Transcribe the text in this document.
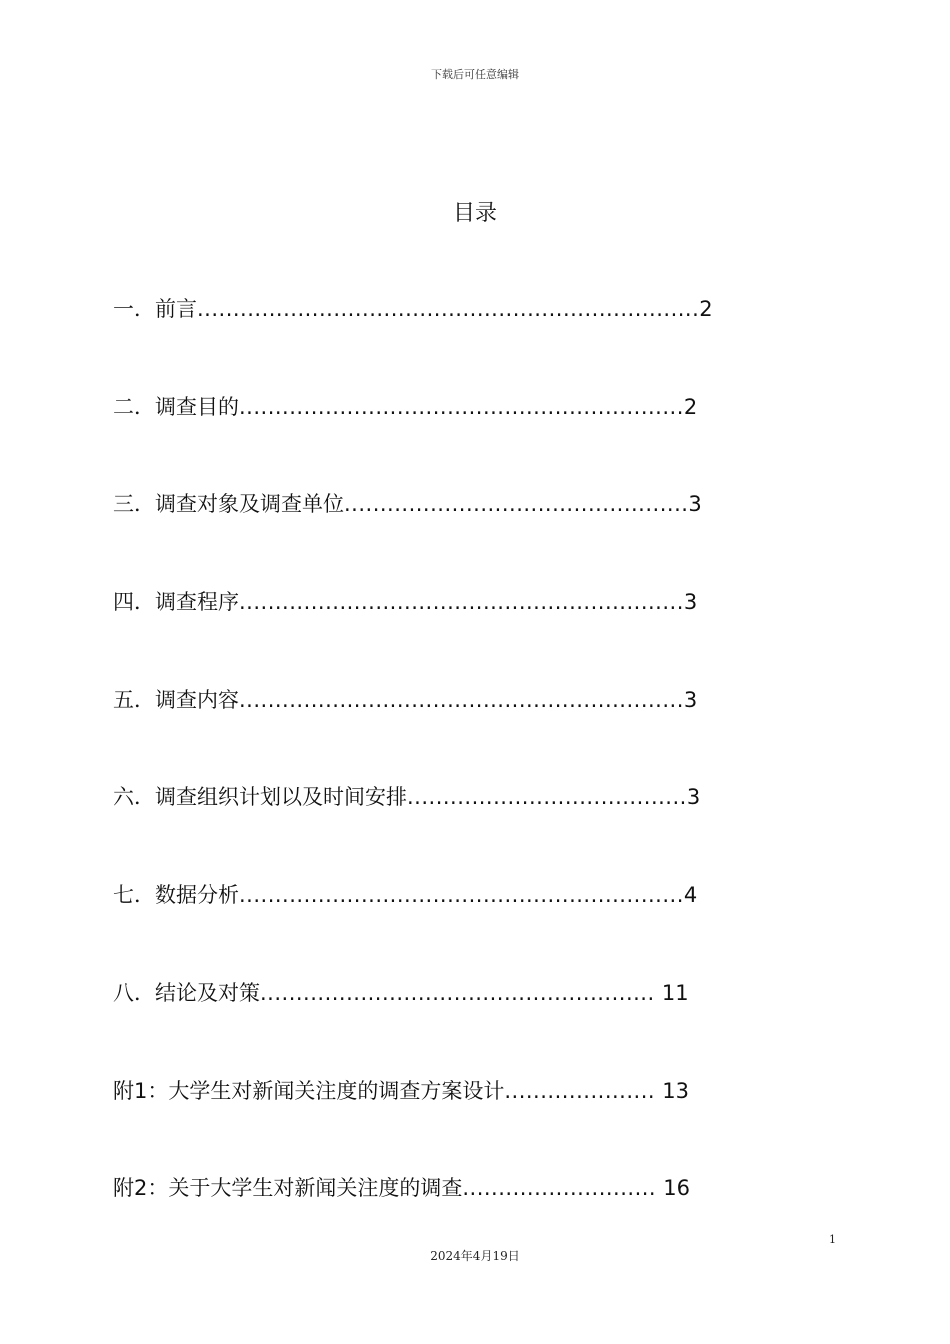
下载后可任意编辑
目录
一．前言......................................................................2
二．调查目的..............................................................2
三．调查对象及调查单位................................................3
四．调查程序..............................................................3
五．调查内容..............................................................3
六．调查组织计划以及时间安排.......................................3
七．数据分析..............................................................4
八．结论及对策....................................................... 11
附1：大学生对新闻关注度的调查方案设计..................... 13
附2：关于大学生对新闻关注度的调查........................... 16
1
2024年4月19日
